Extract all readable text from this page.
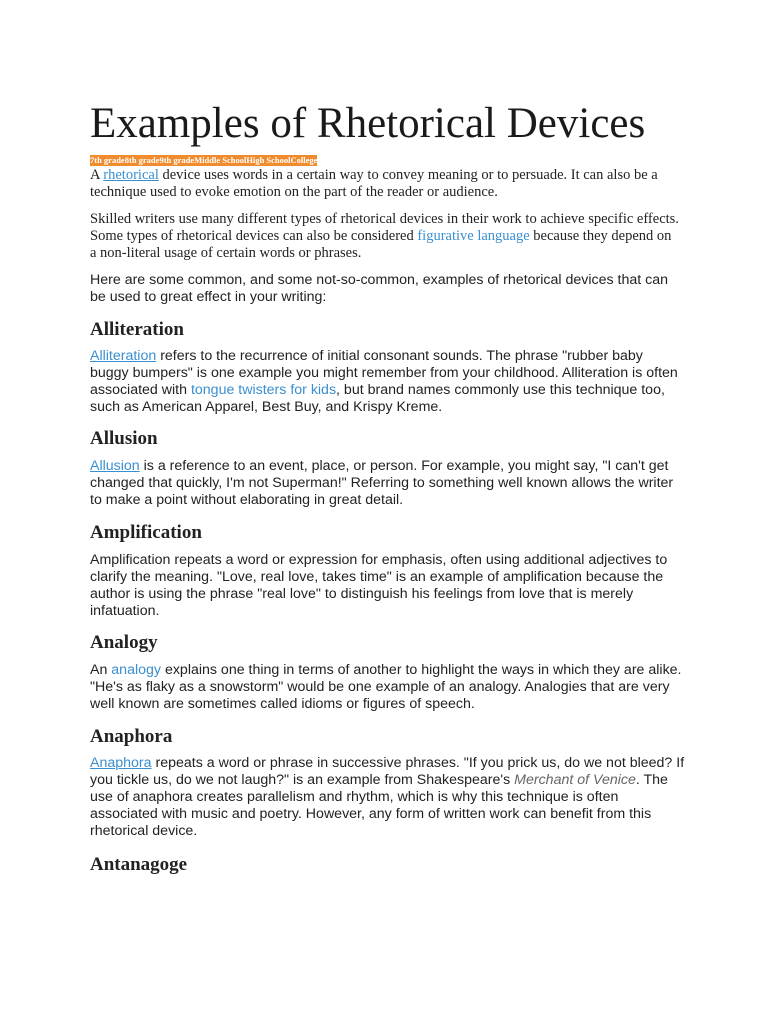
Examples of Rhetorical Devices
7th grade 8th grade 9th grade Middle School High School College

A rhetorical device uses words in a certain way to convey meaning or to persuade. It can also be a technique used to evoke emotion on the part of the reader or audience.

Skilled writers use many different types of rhetorical devices in their work to achieve specific effects. Some types of rhetorical devices can also be considered figurative language because they depend on a non-literal usage of certain words or phrases.

Here are some common, and some not-so-common, examples of rhetorical devices that can be used to great effect in your writing:

Alliteration

Alliteration refers to the recurrence of initial consonant sounds. The phrase "rubber baby buggy bumpers" is one example you might remember from your childhood. Alliteration is often associated with tongue twisters for kids, but brand names commonly use this technique too, such as American Apparel, Best Buy, and Krispy Kreme.

Allusion

Allusion is a reference to an event, place, or person. For example, you might say, "I can't get changed that quickly, I'm not Superman!" Referring to something well known allows the writer to make a point without elaborating in great detail.

Amplification

Amplification repeats a word or expression for emphasis, often using additional adjectives to clarify the meaning. "Love, real love, takes time" is an example of amplification because the author is using the phrase "real love" to distinguish his feelings from love that is merely infatuation.

Analogy

An analogy explains one thing in terms of another to highlight the ways in which they are alike. "He's as flaky as a snowstorm" would be one example of an analogy. Analogies that are very well known are sometimes called idioms or figures of speech.

Anaphora

Anaphora repeats a word or phrase in successive phrases. "If you prick us, do we not bleed? If you tickle us, do we not laugh?" is an example from Shakespeare's Merchant of Venice. The use of anaphora creates parallelism and rhythm, which is why this technique is often associated with music and poetry. However, any form of written work can benefit from this rhetorical device.

Antanagoge
